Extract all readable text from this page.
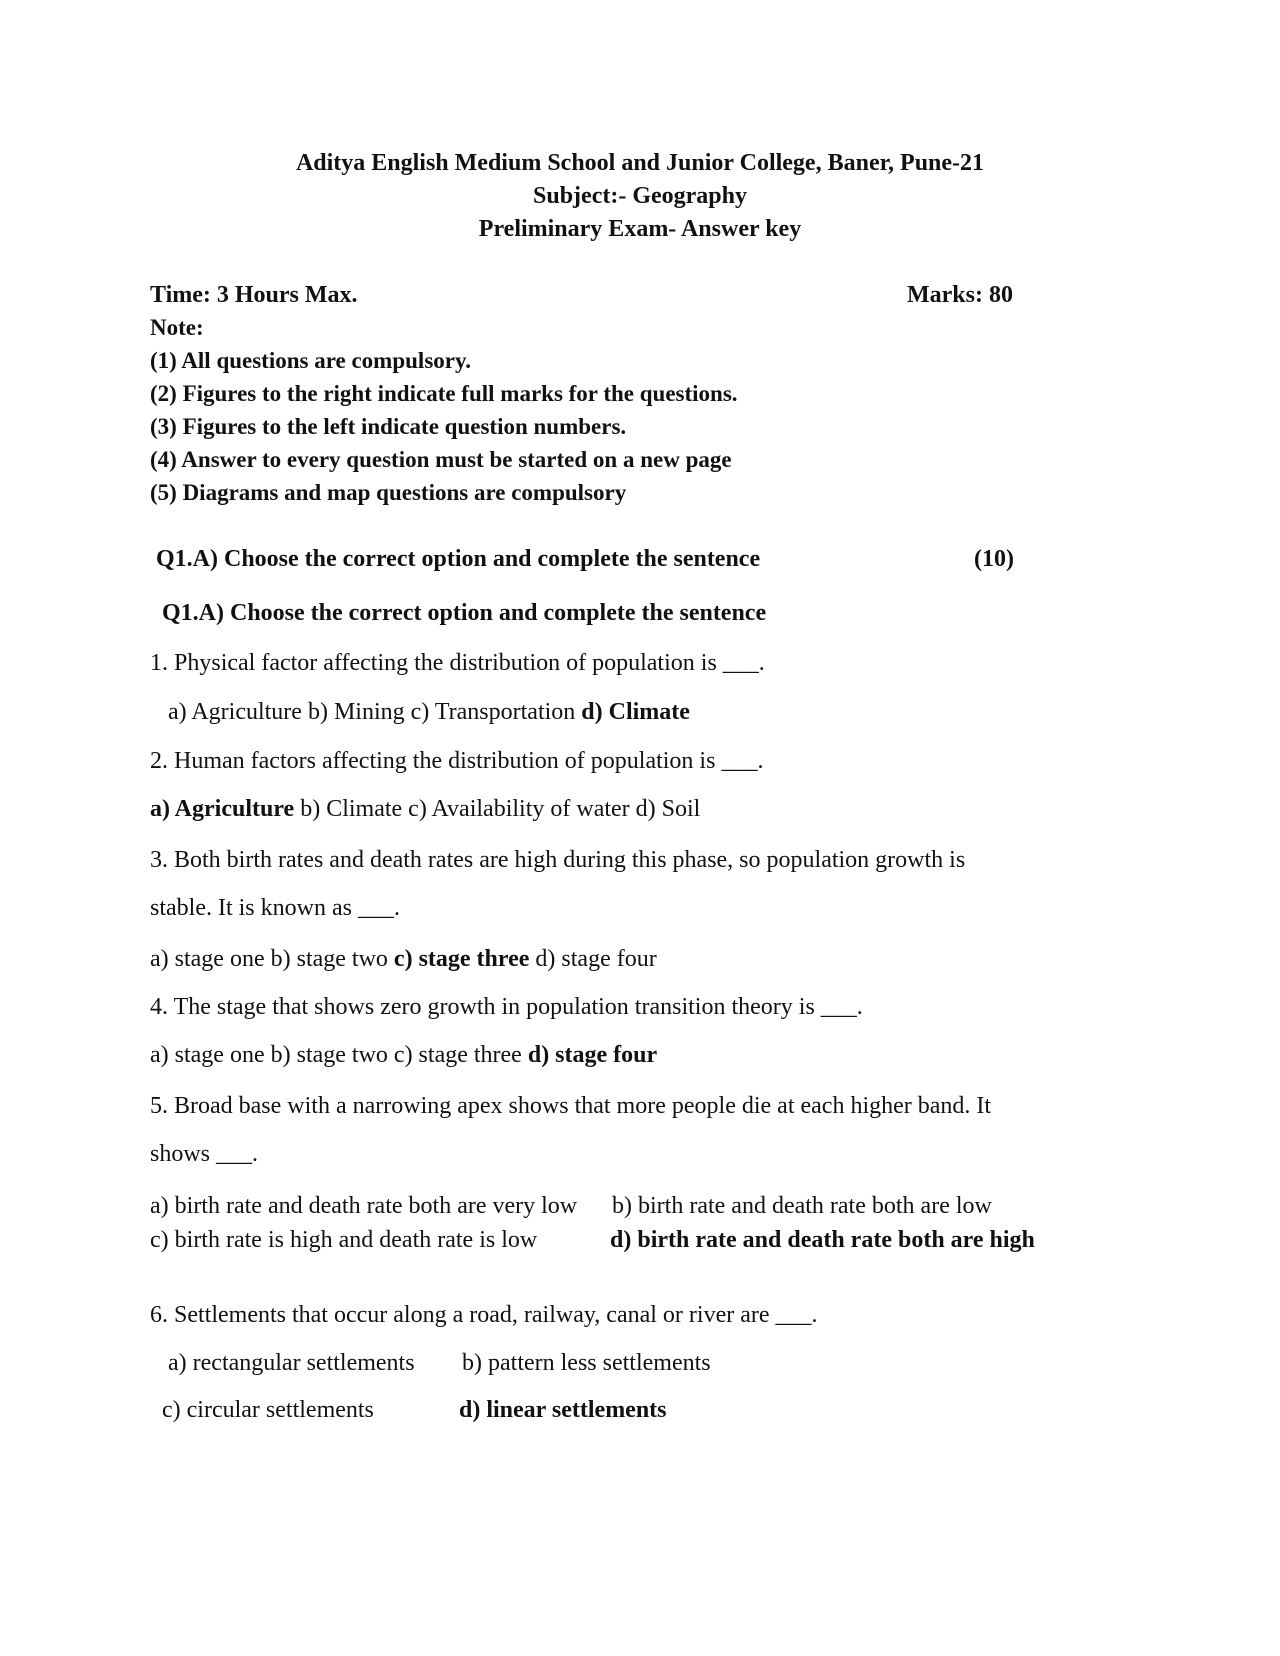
Aditya English Medium School and Junior College, Baner, Pune-21
Subject:- Geography
Preliminary Exam- Answer key
Time: 3 Hours Max.	Marks: 80
Note:
(1) All questions are compulsory.
(2) Figures to the right indicate full marks for the questions.
(3) Figures to the left indicate question numbers.
(4) Answer to every question must be started on a new page
(5) Diagrams and map questions are compulsory
Q1.A) Choose the correct option and complete the sentence	(10)
Q1.A) Choose the correct option and complete the sentence
1. Physical factor affecting the distribution of population is ___.
a) Agriculture b) Mining c) Transportation d) Climate
2. Human factors affecting the distribution of population is ___.
a) Agriculture b) Climate c) Availability of water d) Soil
3. Both birth rates and death rates are high during this phase, so population growth is
stable. It is known as ___.
a) stage one b) stage two c) stage three d) stage four
4. The stage that shows zero growth in population transition theory is ___.
a) stage one b) stage two c) stage three d) stage four
5. Broad base with a narrowing apex shows that more people die at each higher band. It
shows ___.
a) birth rate and death rate both are very low b) birth rate and death rate both are low
c) birth rate is high and death rate is low	d) birth rate and death rate both are high
6. Settlements that occur along a road, railway, canal or river are ___.
a) rectangular settlements b) pattern less settlements
c) circular settlements	d) linear settlements
